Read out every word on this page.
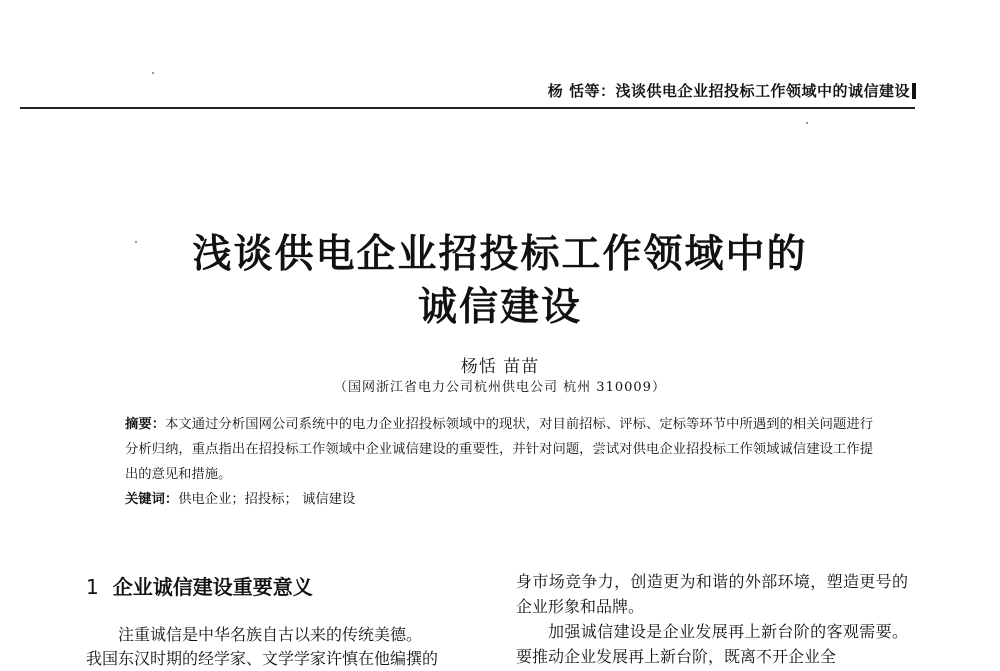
杨 恬等：浅谈供电企业招投标工作领域中的诚信建设
浅谈供电企业招投标工作领域中的
诚信建设
杨恬 苗苗
（国网浙江省电力公司杭州供电公司 杭州 310009）
摘要：本文通过分析国网公司系统中的电力企业招投标领域中的现状，对目前招标、评标、定标等环节中所遇到的相关问题进行分析归纳，重点指出在招投标工作领域中企业诚信建设的重要性，并针对问题，尝试对供电企业招投标工作领域诚信建设工作提出的意见和措施。
关键词：供电企业；招投标； 诚信建设
1 企业诚信建设重要意义

注重诚信是中华名族自古以来的传统美德。

我国东汉时期的经学家、文学学家许慎在他编撰的

身市场竞争力，创造更为和谐的外部环境，塑造更号的企业形象和品牌。

加强诚信建设是企业发展再上新台阶的客观需要。要推动企业发展再上新台阶，既离不开企业全
